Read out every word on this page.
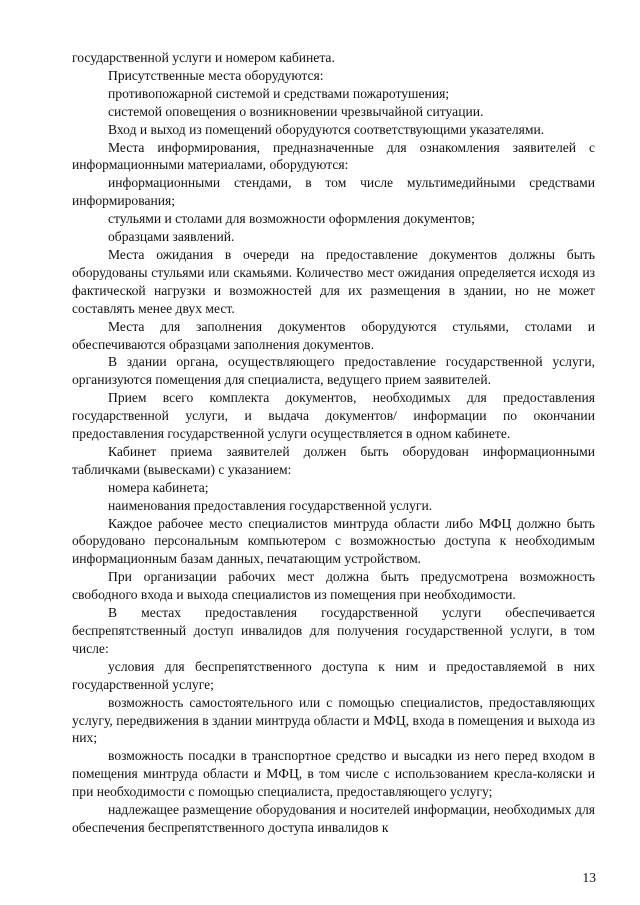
государственной услуги и номером кабинета.

Присутственные места оборудуются:

противопожарной системой и средствами пожаротушения;

системой оповещения о возникновении чрезвычайной ситуации.

Вход и выход из помещений оборудуются соответствующими указателями.

Места информирования, предназначенные для ознакомления заявителей с информационными материалами, оборудуются:

информационными стендами, в том числе мультимедийными средствами информирования;

стульями и столами для возможности оформления документов;

образцами заявлений.

Места ожидания в очереди на предоставление документов должны быть оборудованы стульями или скамьями. Количество мест ожидания определяется исходя из фактической нагрузки и возможностей для их размещения в здании, но не может составлять менее двух мест.

Места для заполнения документов оборудуются стульями, столами и обеспечиваются образцами заполнения документов.

В здании органа, осуществляющего предоставление государственной услуги, организуются помещения для специалиста, ведущего прием заявителей.

Прием всего комплекта документов, необходимых для предоставления государственной услуги, и выдача документов/ информации по окончании предоставления государственной услуги осуществляется в одном кабинете.

Кабинет приема заявителей должен быть оборудован информационными табличками (вывесками) с указанием:

номера кабинета;

наименования предоставления государственной услуги.

Каждое рабочее место специалистов минтруда области либо МФЦ должно быть оборудовано персональным компьютером с возможностью доступа к необходимым информационным базам данных, печатающим устройством.

При организации рабочих мест должна быть предусмотрена возможность свободного входа и выхода специалистов из помещения при необходимости.

В местах предоставления государственной услуги обеспечивается беспрепятственный доступ инвалидов для получения государственной услуги, в том числе:

условия для беспрепятственного доступа к ним и предоставляемой в них государственной услуге;

возможность самостоятельного или с помощью специалистов, предоставляющих услугу, передвижения в здании минтруда области и МФЦ, входа в помещения и выхода из них;

возможность посадки в транспортное средство и высадки из него перед входом в помещения минтруда области и МФЦ, в том числе с использованием кресла-коляски и при необходимости с помощью специалиста, предоставляющего услугу;

надлежащее размещение оборудования и носителей информации, необходимых для обеспечения беспрепятственного доступа инвалидов к

13
